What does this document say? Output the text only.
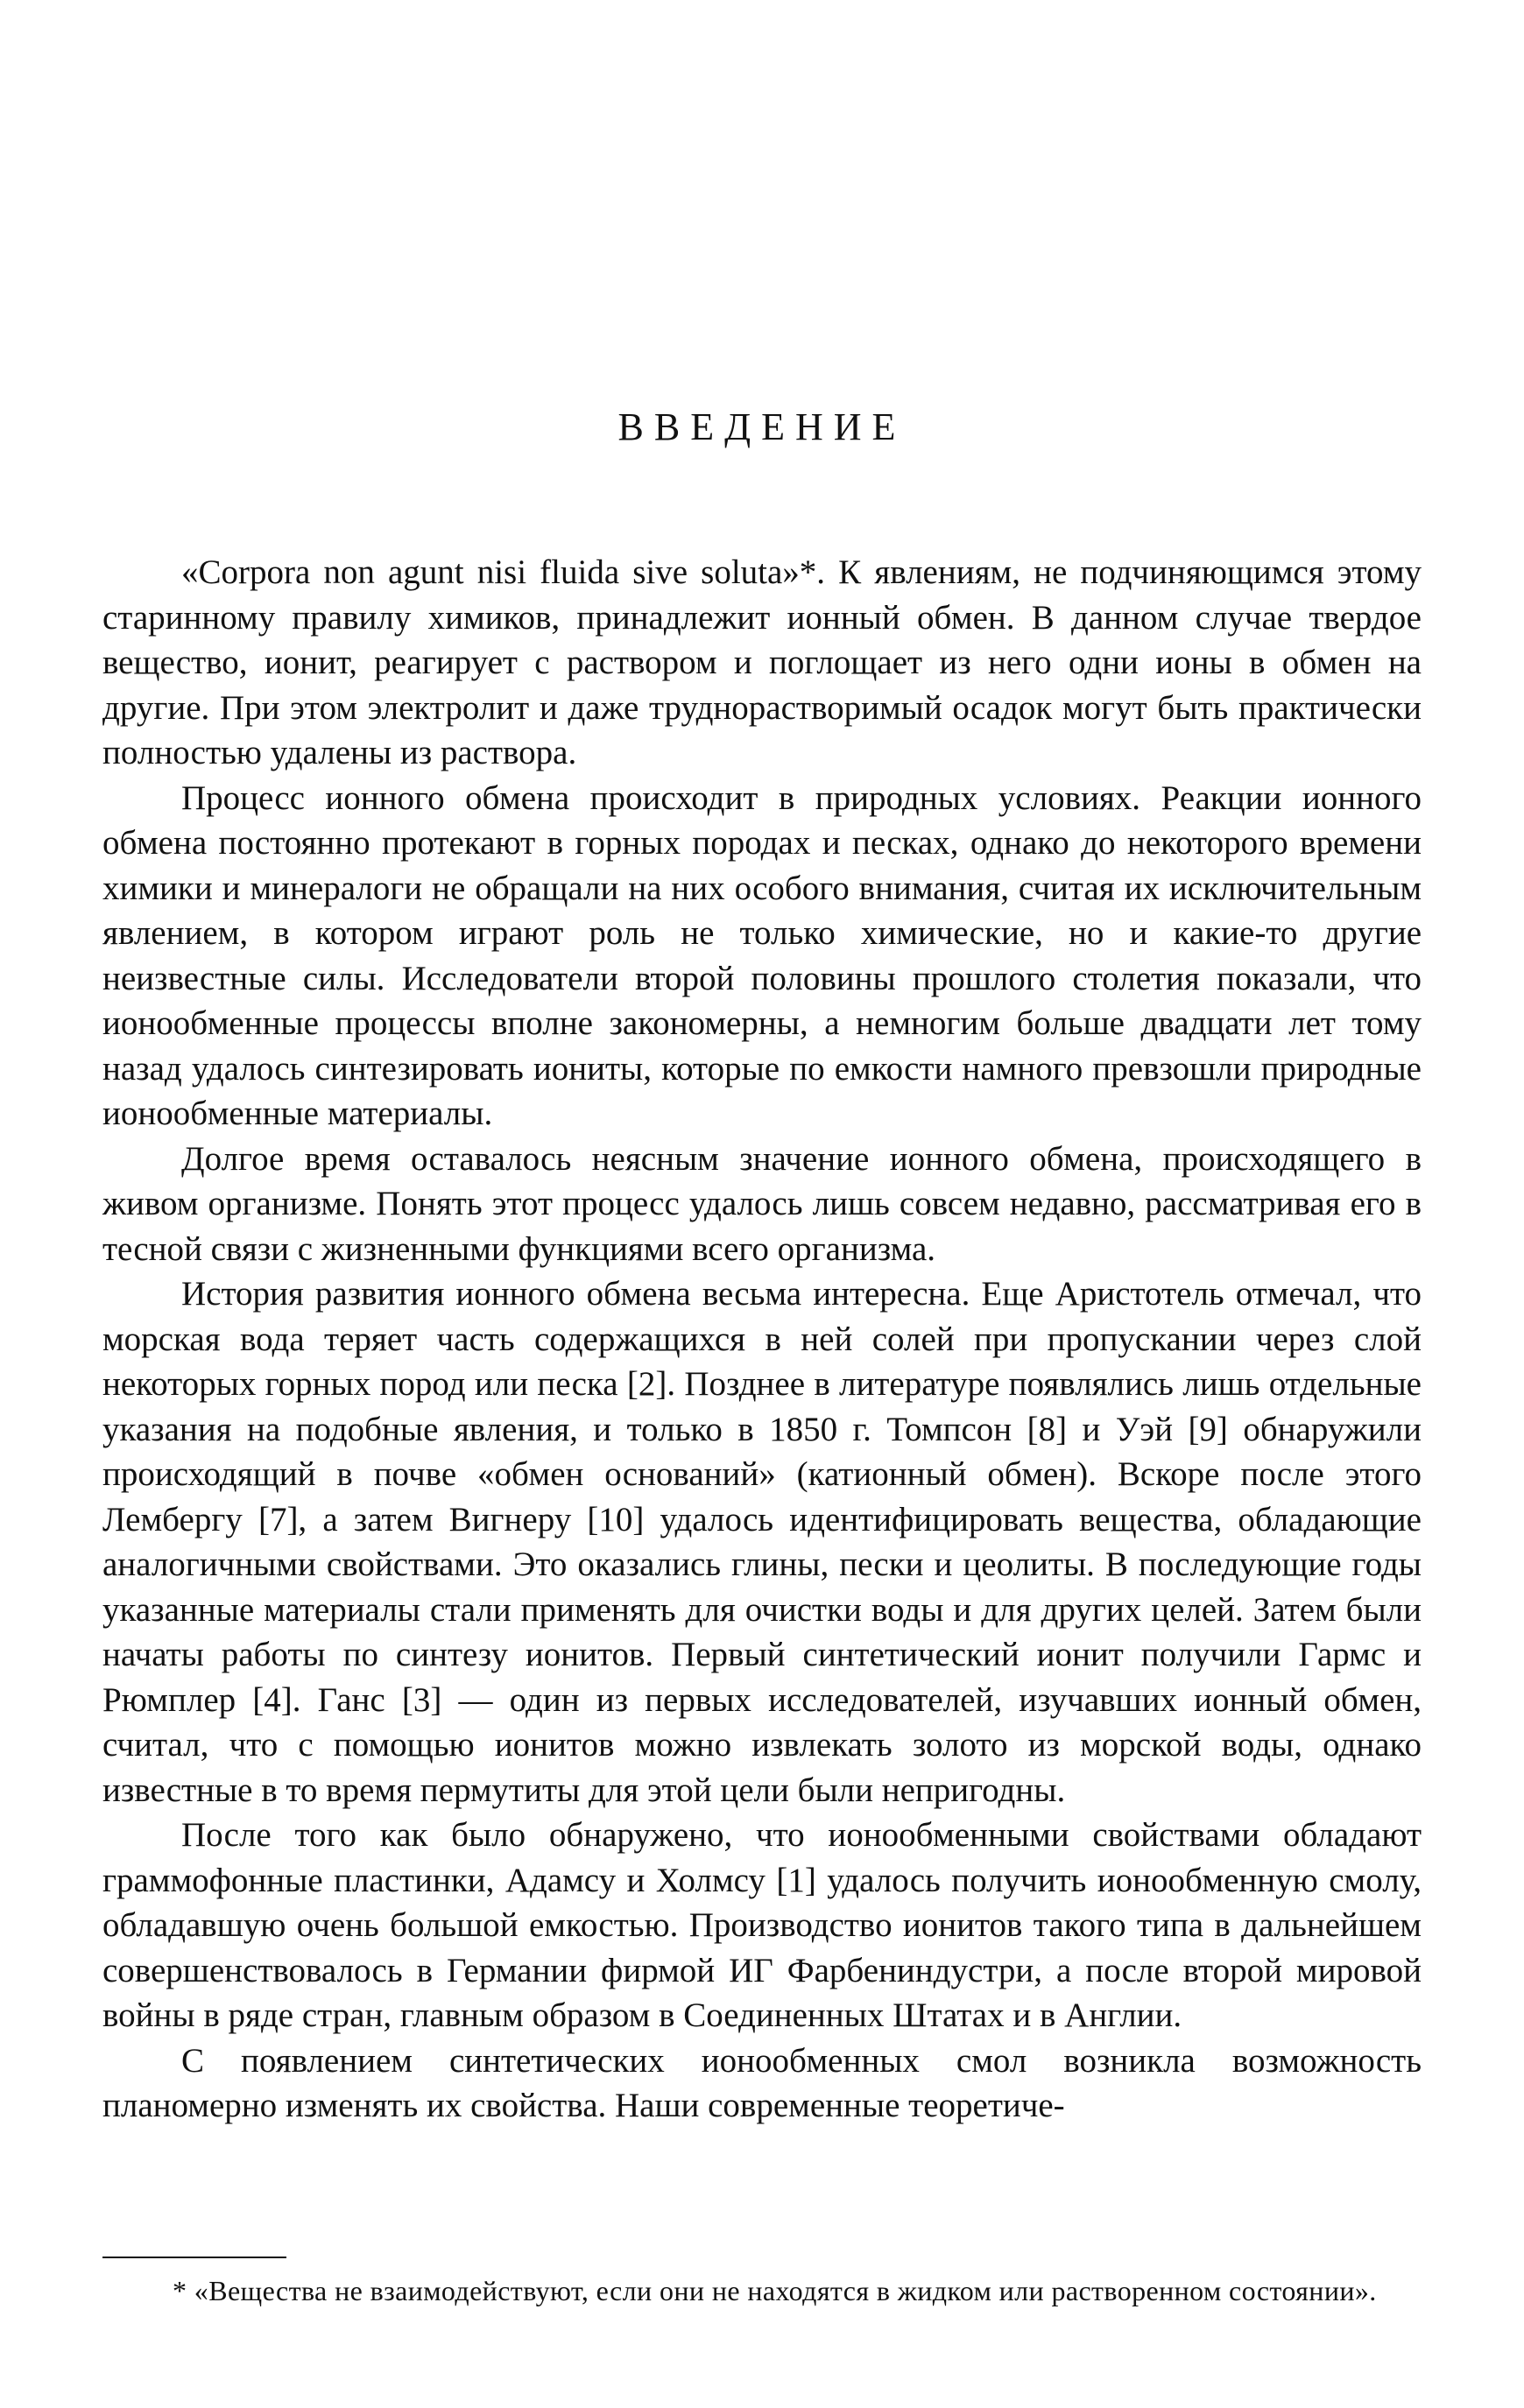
ВВЕДЕНИЕ

«Corpora non agunt nisi fluida sive soluta»*. К явлениям, не подчиняющимся этому старинному правилу химиков, принадлежит ионный обмен. В данном случае твердое вещество, ионит, реагирует с раствором и поглощает из него одни ионы в обмен на другие. При этом электролит и даже труднорастворимый осадок могут быть практически полностью удалены из раствора.

Процесс ионного обмена происходит в природных условиях. Реакции ионного обмена постоянно протекают в горных породах и песках, однако до некоторого времени химики и минералоги не обращали на них особого внимания, считая их исключительным явлением, в котором играют роль не только химические, но и какие-то другие неизвестные силы. Исследователи второй половины прошлого столетия показали, что ионообменные процессы вполне закономерны, а немногим больше двадцати лет тому назад удалось синтезировать иониты, которые по емкости намного превзошли природные ионообменные материалы.

Долгое время оставалось неясным значение ионного обмена, происходящего в живом организме. Понять этот процесс удалось лишь совсем недавно, рассматривая его в тесной связи с жизненными функциями всего организма.

История развития ионного обмена весьма интересна. Еще Аристотель отмечал, что морская вода теряет часть содержащихся в ней солей при пропускании через слой некоторых горных пород или песка [2]. Позднее в литературе появлялись лишь отдельные указания на подобные явления, и только в 1850 г. Томпсон [8] и Уэй [9] обнаружили происходящий в почве «обмен оснований» (катионный обмен). Вскоре после этого Лембергу [7], а затем Вигнеру [10] удалось идентифицировать вещества, обладающие аналогичными свойствами. Это оказались глины, пески и цеолиты. В последующие годы указанные материалы стали применять для очистки воды и для других целей. Затем были начаты работы по синтезу ионитов. Первый синтетический ионит получили Гармс и Рюмплер [4]. Ганс [3] — один из первых исследователей, изучавших ионный обмен, считал, что с помощью ионитов можно извлекать золото из морской воды, однако известные в то время пермутиты для этой цели были непригодны.

После того как было обнаружено, что ионообменными свойствами обладают граммофонные пластинки, Адамсу и Холмсу [1] удалось получить ионообменную смолу, обладавшую очень большой емкостью. Производство ионитов такого типа в дальнейшем совершенствовалось в Германии фирмой ИГ Фарбениндустри, а после второй мировой войны в ряде стран, главным образом в Соединенных Штатах и в Англии.

С появлением синтетических ионообменных смол возникла возможность планомерно изменять их свойства. Наши современные теоретиче-

* «Вещества не взаимодействуют, если они не находятся в жидком или растворенном состоянии».
